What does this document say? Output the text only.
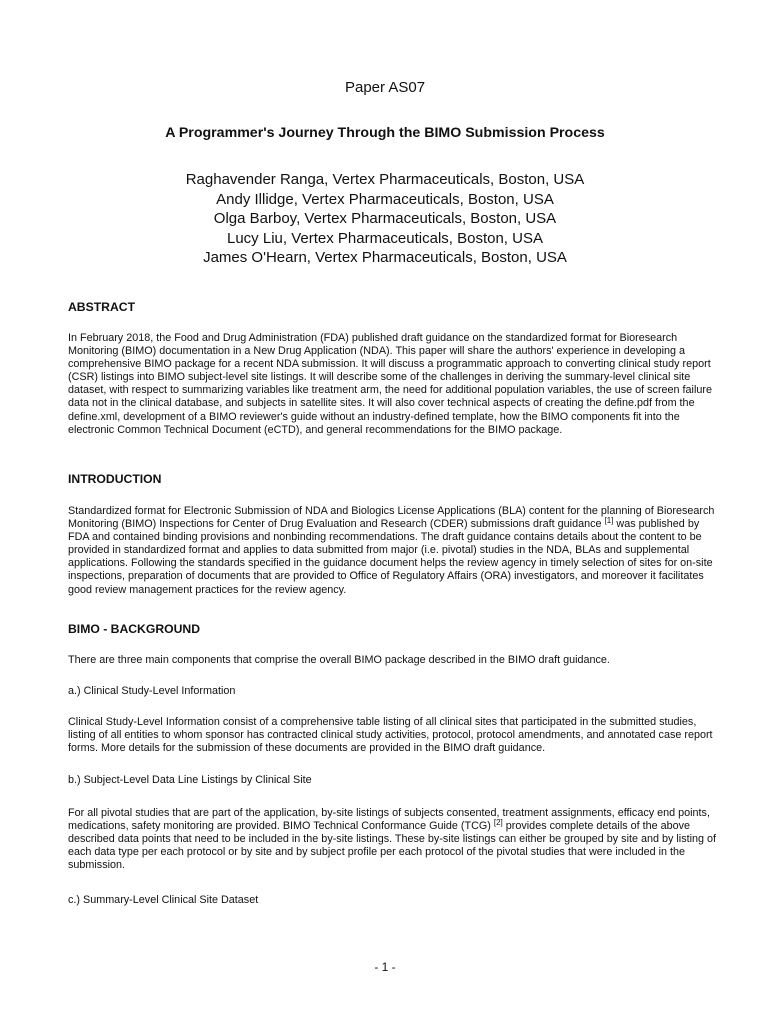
Paper AS07
A Programmer's Journey Through the BIMO Submission Process
Raghavender Ranga, Vertex Pharmaceuticals, Boston, USA
Andy Illidge, Vertex Pharmaceuticals, Boston, USA
Olga Barboy, Vertex Pharmaceuticals, Boston, USA
Lucy Liu, Vertex Pharmaceuticals, Boston, USA
James O'Hearn, Vertex Pharmaceuticals, Boston, USA
ABSTRACT
In February 2018, the Food and Drug Administration (FDA) published draft guidance on the standardized format for Bioresearch Monitoring (BIMO) documentation in a New Drug Application (NDA). This paper will share the authors' experience in developing a comprehensive BIMO package for a recent NDA submission. It will discuss a programmatic approach to converting clinical study report (CSR) listings into BIMO subject-level site listings. It will describe some of the challenges in deriving the summary-level clinical site dataset, with respect to summarizing variables like treatment arm, the need for additional population variables, the use of screen failure data not in the clinical database, and subjects in satellite sites. It will also cover technical aspects of creating the define.pdf from the define.xml, development of a BIMO reviewer's guide without an industry-defined template, how the BIMO components fit into the electronic Common Technical Document (eCTD), and general recommendations for the BIMO package.
INTRODUCTION
Standardized format for Electronic Submission of NDA and Biologics License Applications (BLA) content for the planning of Bioresearch Monitoring (BIMO) Inspections for Center of Drug Evaluation and Research (CDER) submissions draft guidance [1] was published by FDA and contained binding provisions and nonbinding recommendations. The draft guidance contains details about the content to be provided in standardized format and applies to data submitted from major (i.e. pivotal) studies in the NDA, BLAs and supplemental applications. Following the standards specified in the guidance document helps the review agency in timely selection of sites for on-site inspections, preparation of documents that are provided to Office of Regulatory Affairs (ORA) investigators, and moreover it facilitates good review management practices for the review agency.
BIMO - BACKGROUND
There are three main components that comprise the overall BIMO package described in the BIMO draft guidance.
a.) Clinical Study-Level Information
Clinical Study-Level Information consist of a comprehensive table listing of all clinical sites that participated in the submitted studies, listing of all entities to whom sponsor has contracted clinical study activities, protocol, protocol amendments, and annotated case report forms. More details for the submission of these documents are provided in the BIMO draft guidance.
b.) Subject-Level Data Line Listings by Clinical Site
For all pivotal studies that are part of the application, by-site listings of subjects consented, treatment assignments, efficacy end points, medications, safety monitoring are provided. BIMO Technical Conformance Guide (TCG) [2] provides complete details of the above described data points that need to be included in the by-site listings. These by-site listings can either be grouped by site and by listing of each data type per each protocol or by site and by subject profile per each protocol of the pivotal studies that were included in the submission.
c.) Summary-Level Clinical Site Dataset
- 1 -
